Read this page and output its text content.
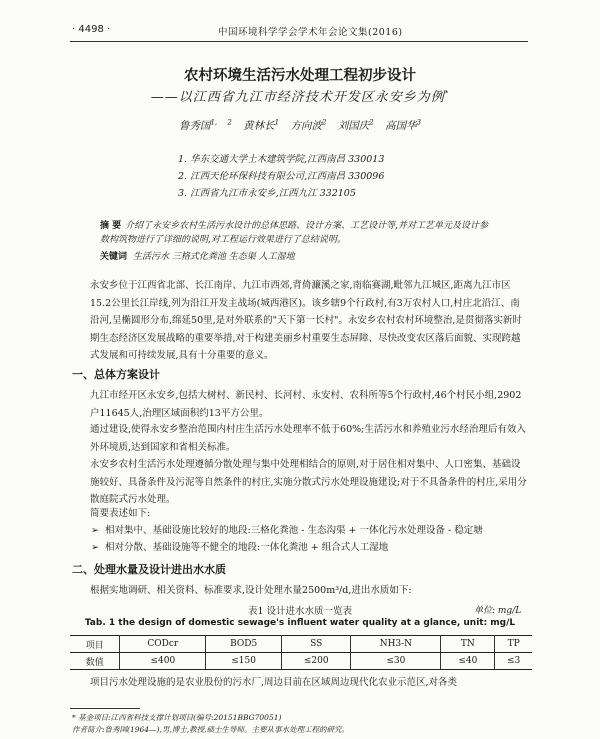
· 4498 ·	中国环境科学学会学术年会论文集(2016)
农村环境生活污水处理工程初步设计
——以江西省九江市经济技术开发区永安乡为例*
鲁秀国$^{1, 2}$ 黄林长$^1$ 方向波$^2$ 刘国庆$^2$ 高国华$^3$
1. 华东交通大学土木建筑学院,江西南昌 330013
2. 江西天伦环保科技有限公司,江西南昌 330096
3. 江西省九江市永安乡,江西九江 332105
摘 要 介绍了永安乡农村生活污水设计的总体思路、设计方案、工艺设计等,并对工艺单元及设计参数构筑物进行了详细的说明,对工程运行效果进行了总结说明。
关键词 生活污水 三格式化粪池 生态渠 人工湿地
永安乡位于江西省北部、长江南岸、九江市西郊,背倚濂溪之家,南临赛湖,毗邻九江城区,距离九江市区15.2公里长江岸线,列为沿江开发主战场(城西港区)。该乡辖9个行政村,有3万农村人口,村庄北沿江、南沿河,呈椭圆形分布,绵延50里,是对外联系的"天下第一长村"。永安乡农村农村环境整治,是贯彻落实新时期生态经济区发展战略的重要举措,对于构建美丽乡村重要生态屏障、尽快改变农区落后面貌、实现跨越式发展和可持续发展,具有十分重要的意义。
一、总体方案设计
九江市经开区永安乡,包括大树村、新民村、长河村、永安村、农科所等5个行政村,46个村民小组,2902户11645人,治理区域面积约13平方公里。
通过建设,使得永安乡整治范围内村庄生活污水处理率不低于60%;生活污水和养殖业污水经治理后有效入外环境质,达到国家和省相关标准。
永安乡农村生活污水处理遵循分散处理与集中处理相结合的原则,对于居住相对集中、人口密集、基础设施较好、具备条件及污泥等自然条件的村庄,实施分散式污水处理设施建设;对于不具备条件的村庄,采用分散庭院式污水处理。
简要表述如下:
➢ 相对集中、基础设施比较好的地段:三格化粪池 - 生态沟渠 + 一体化污水处理设备 - 稳定塘
➢ 相对分散、基础设施等不健全的地段:一体化粪池 + 组合式人工湿地
二、处理水量及设计进出水水质
根据实地调研、相关资料、标准要求,设计处理水量2500m³/d,进出水质如下:
表1 设计进水水质一览表	单位: mg/L
Tab. 1 the design of domestic sewage's influent water quality at a glance, unit: mg/L
项目	CODcr	BOD5	SS	NH3-N	TN	TP
数值	≤400	≤150	≤200	≤30	≤40	≤3
项目污水处理设施的是农业股份的污水厂,周边目前在区域周边现代化农业示范区,对各类
* 基金项目:江西省科技支撑计划项目(编号:20151BBG70051)
作者简介:鲁秀国(1964—),男,博士,教授,硕士生导师。主要从事水处理工程的研究。
